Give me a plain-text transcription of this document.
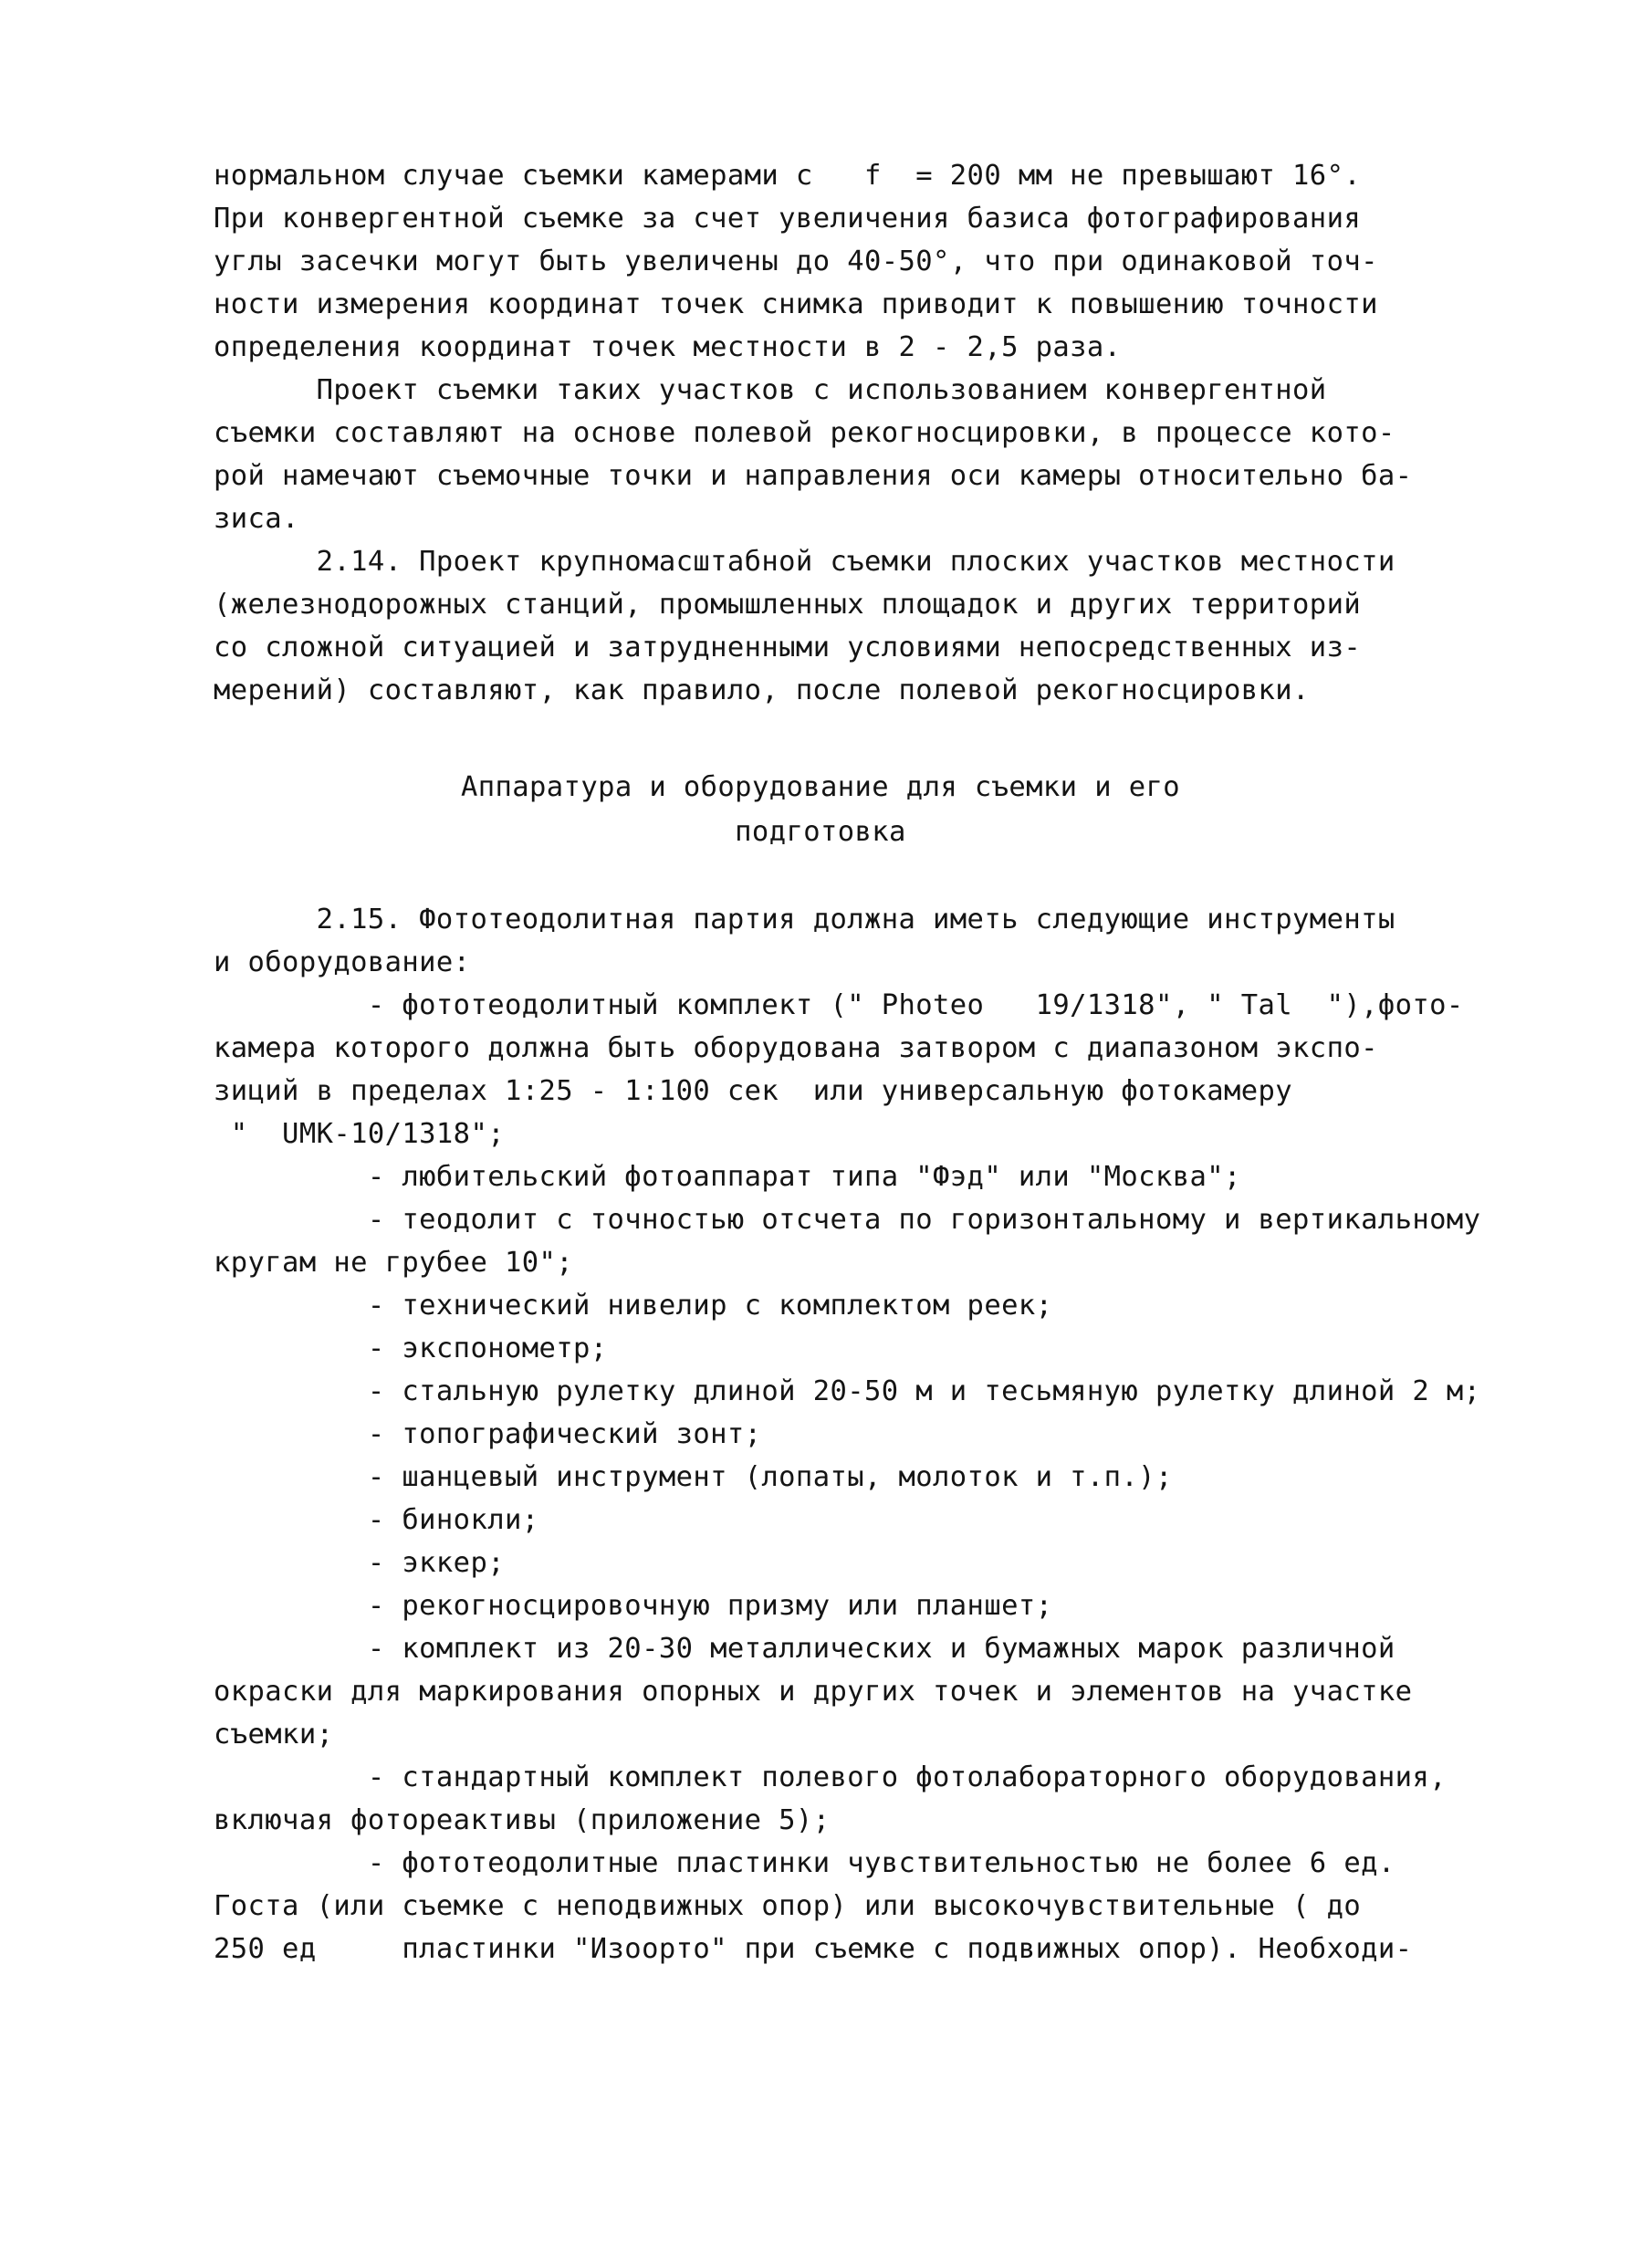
нормальном случае съемки камерами с   f  = 200 мм не превышают 16°.
При конвергентной съемке за счет увеличения базиса фотографирования
углы засечки могут быть увеличены до 40-50°, что при одинаковой точ-
ности измерения координат точек снимка приводит к повышению точности
определения координат точек местности в 2 - 2,5 раза.
Проект съемки таких участков с использованием конвергентной
съемки составляют на основе полевой рекогносцировки, в процессе кото-
рой намечают съемочные точки и направления оси камеры относительно ба-
зиса.
2.14. Проект крупномасштабной съемки плоских участков местности
(железнодорожных станций, промышленных площадок и других территорий
со сложной ситуацией и затрудненными условиями непосредственных из-
мерений) составляют, как правило, после полевой рекогносцировки.
Аппаратура и оборудование для съемки и его
подготовка
2.15. Фототеодолитная партия должна иметь следующие инструменты
и оборудование:
- фототеодолитный комплект (" Photeo   19/1318", " Tal  "),фото-
камера которого должна быть оборудована затвором с диапазоном экспо-
зиций в пределах 1:25 - 1:100 сек  или универсальную фотокамеру
"  UMK-10/1318";
- любительский фотоаппарат типа "Фэд" или "Москва";
- теодолит с точностью отсчета по горизонтальному и вертикальному
кругам не грубее 10";
- технический нивелир с комплектом реек;
- экспонометр;
- стальную рулетку длиной 20-50 м и тесьмяную рулетку длиной 2 м;
- топографический зонт;
- шанцевый инструмент (лопаты, молоток и т.п.);
- бинокли;
- эккер;
- рекогносцировочную призму или планшет;
- комплект из 20-30 металлических и бумажных марок различной
окраски для маркирования опорных и других точек и элементов на участке
съемки;
- стандартный комплект полевого фотолабораторного оборудования,
включая фотореактивы (приложение 5);
- фототеодолитные пластинки чувствительностью не более 6 ед.
Госта (или съемке с неподвижных опор) или высокочувствительные ( до
250 ед     пластинки "Изоорто" при съемке с подвижных опор). Необходи-
